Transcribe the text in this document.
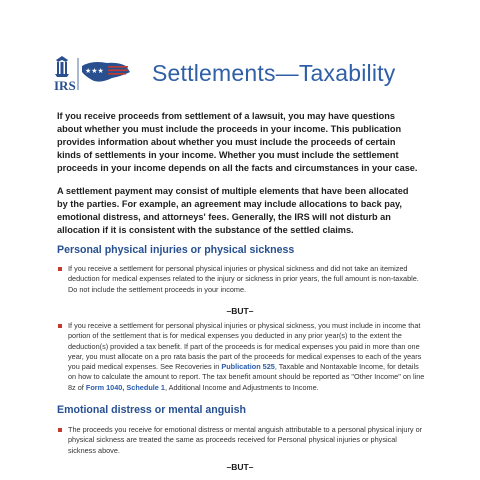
IRS
★★★ Settlements—Taxability

If you receive proceeds from settlement of a lawsuit, you may have questions about whether you must include the proceeds in your income. This publication provides information about whether you must include the proceeds of certain kinds of settlements in your income. Whether you must include the settlement proceeds in your income depends on all the facts and circumstances in your case.

A settlement payment may consist of multiple elements that have been allocated by the parties. For example, an agreement may include allocations to back pay, emotional distress, and attorneys' fees. Generally, the IRS will not disturb an allocation if it is consistent with the substance of the settled claims.

Personal physical injuries or physical sickness
If you receive a settlement for personal physical injuries or physical sickness and did not take an itemized deduction for medical expenses related to the injury or sickness in prior years, the full amount is non-taxable. Do not include the settlement proceeds in your income.
–BUT–
If you receive a settlement for personal physical injuries or physical sickness, you must include in income that portion of the settlement that is for medical expenses you deducted in any prior year(s) to the extent the deduction(s) provided a tax benefit. If part of the proceeds is for medical expenses you paid in more than one year, you must allocate on a pro rata basis the part of the proceeds for medical expenses to each of the years you paid medical expenses. See Recoveries in Publication 525, Taxable and Nontaxable Income, for details on how to calculate the amount to report. The tax benefit amount should be reported as "Other Income" on line 8z of Form 1040, Schedule 1, Additional Income and Adjustments to Income.
Emotional distress or mental anguish
The proceeds you receive for emotional distress or mental anguish attributable to a personal physical injury or physical sickness are treated the same as proceeds received for Personal physical injuries or physical sickness above.
–BUT–
